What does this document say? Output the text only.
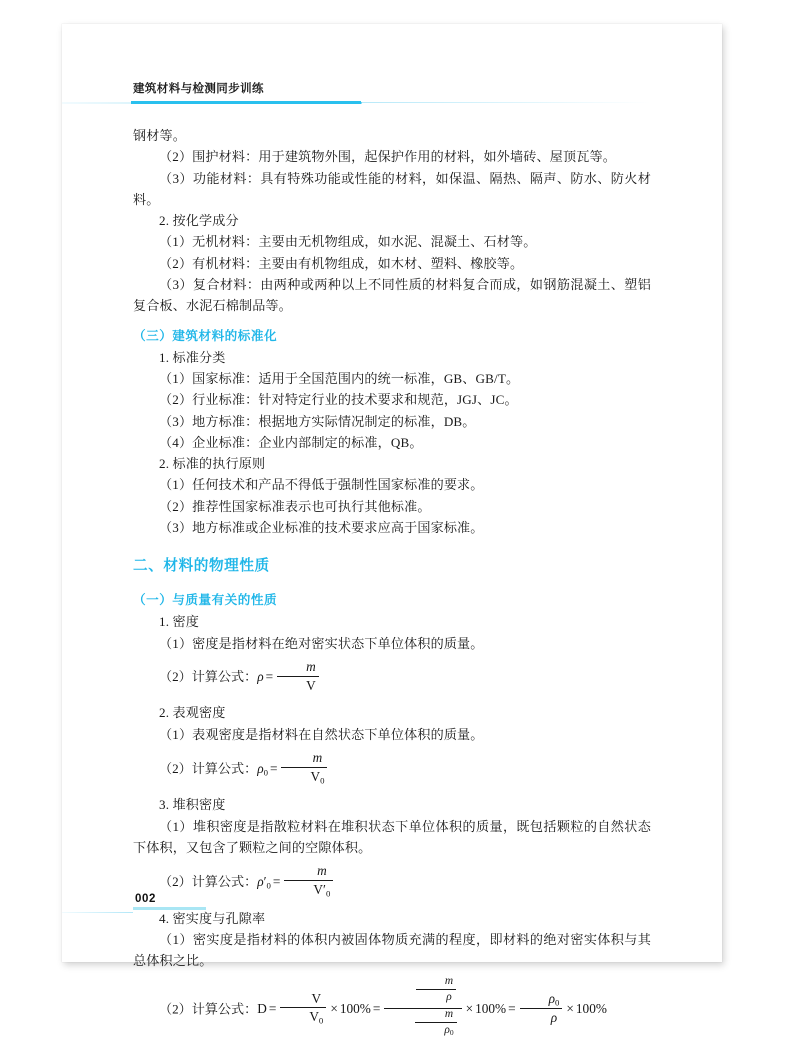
建筑材料与检测同步训练

钢材等。

（2）围护材料：用于建筑物外围，起保护作用的材料，如外墙砖、屋顶瓦等。

（3）功能材料：具有特殊功能或性能的材料，如保温、隔热、隔声、防水、防火材料。

2. 按化学成分

（1）无机材料：主要由无机物组成，如水泥、混凝土、石材等。

（2）有机材料：主要由有机物组成，如木材、塑料、橡胶等。

（3）复合材料：由两种或两种以上不同性质的材料复合而成，如钢筋混凝土、塑铝复合板、水泥石棉制品等。

（三）建筑材料的标准化

1. 标准分类

（1）国家标准：适用于全国范围内的统一标准，GB、GB/T。

（2）行业标准：针对特定行业的技术要求和规范，JGJ、JC。

（3）地方标准：根据地方实际情况制定的标准，DB。

（4）企业标准：企业内部制定的标准，QB。

2. 标准的执行原则

（1）任何技术和产品不得低于强制性国家标准的要求。

（2）推荐性国家标准表示也可执行其他标准。

（3）地方标准或企业标准的技术要求应高于国家标准。

二、材料的物理性质

（一）与质量有关的性质

1. 密度

（1）密度是指材料在绝对密实状态下单位体积的质量。

（2）计算公式：$\rho = \frac{m}{V}$

2. 表观密度

（1）表观密度是指材料在自然状态下单位体积的质量。

（2）计算公式：$\rho_0 = \frac{m}{V_0}$

3. 堆积密度

（1）堆积密度是指散粒材料在堆积状态下单位体积的质量，既包括颗粒的自然状态下体积，又包含了颗粒之间的空隙体积。

（2）计算公式：$\rho'_0 = \frac{m}{V'_0}$

4. 密实度与孔隙率

（1）密实度是指材料的体积内被固体物质充满的程度，即材料的绝对密实体积与其总体积之比。

（2）计算公式：$D = \frac{V}{V_0} \times 100\% = \frac{\frac{m}{\rho}}{\frac{m}{\rho_0}} \times 100\% = \frac{\rho_0}{\rho} \times 100\%$

002
